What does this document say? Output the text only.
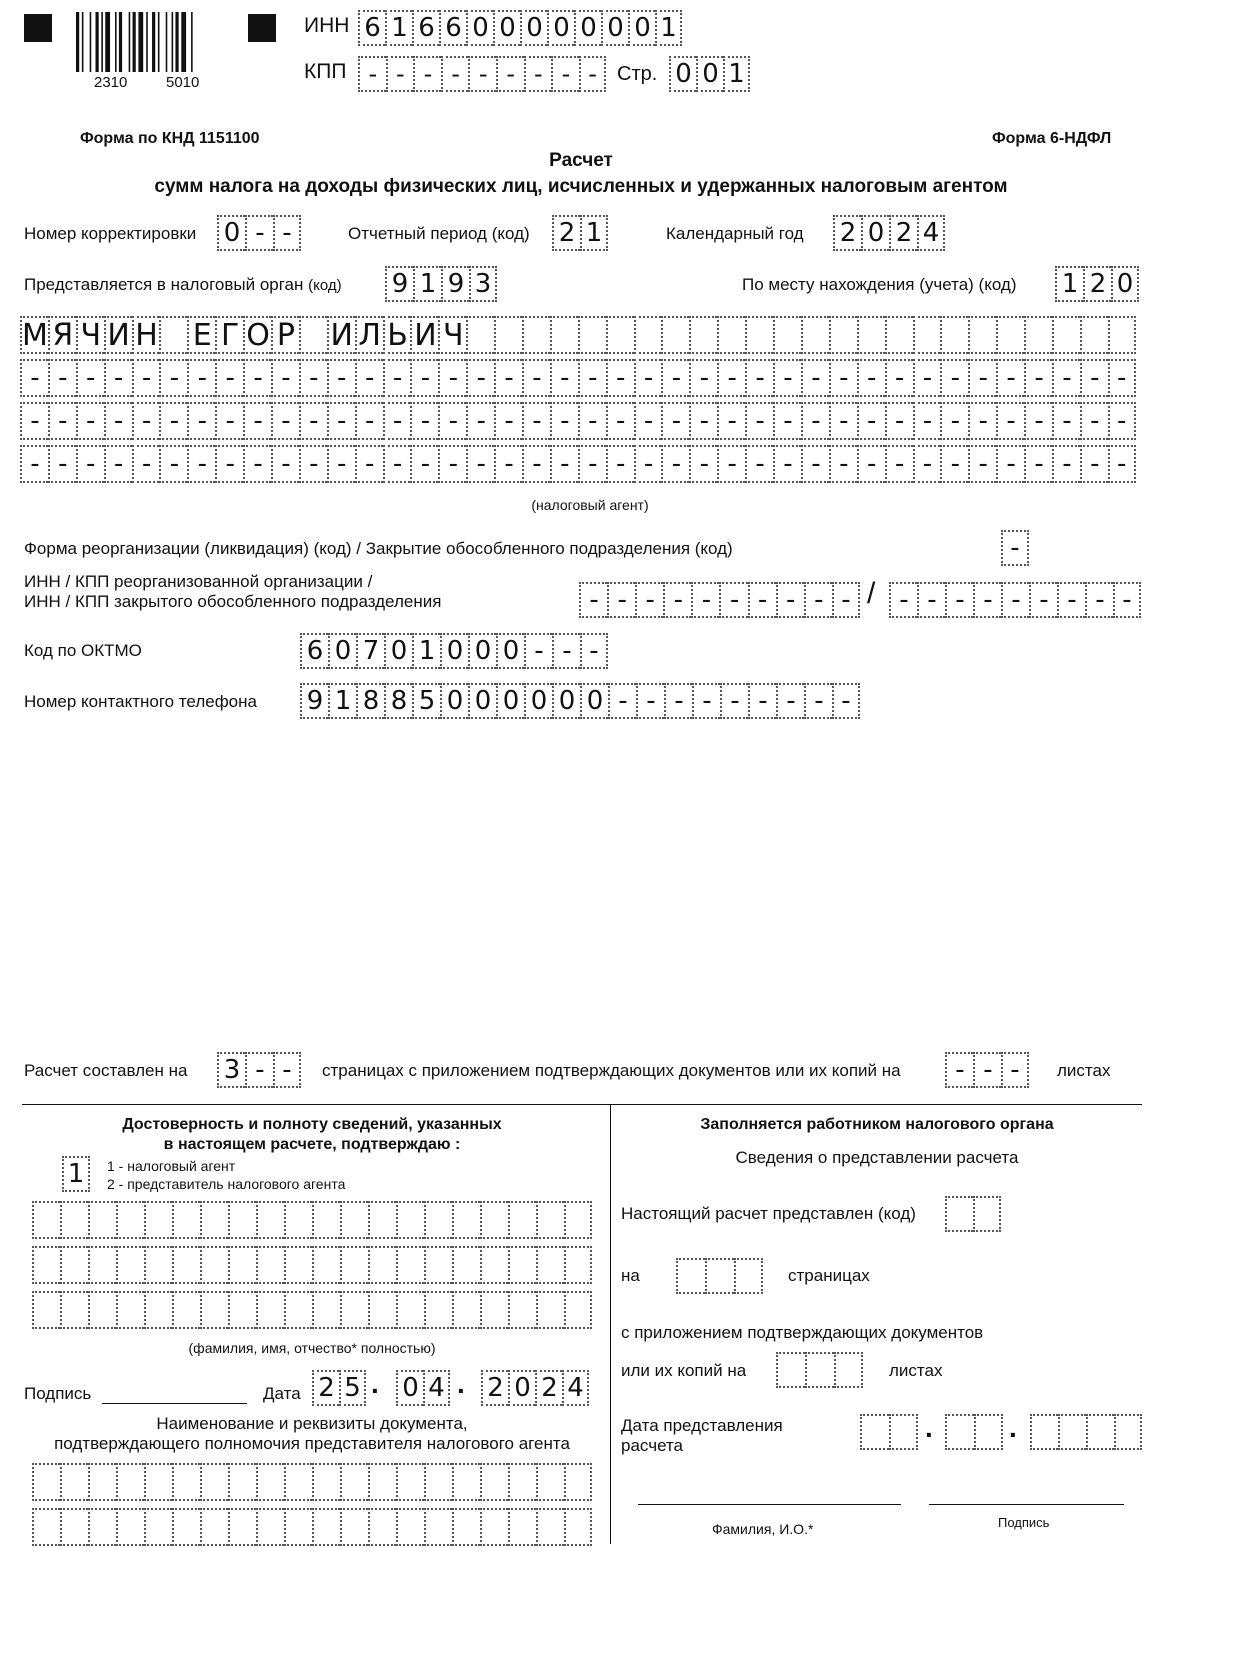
2310	5010
ИНН 6 1 6 6 0 0 0 0 0 0 0 1
КПП - - - - - - - - -	Стр. 0 0 1
Форма по КНД 1151100	Форма 6-НДФЛ
Расчет
сумм налога на доходы физических лиц, исчисленных и удержанных налоговым агентом
Номер корректировки 0 - -	Отчетный период (код) 2 1	Календарный год 2 0 2 4
Представляется в налоговый орган (код) 9 1 9 3	По месту нахождения (учета) (код) 1 2 0
М Я Ч И Н Е Г О Р И Л Ь И Ч
- - - - - - - - - - - - - - - - - - - - - - - - - - - - - - - - - - - - - - - -
- - - - - - - - - - - - - - - - - - - - - - - - - - - - - - - - - - - - - - - -
- - - - - - - - - - - - - - - - - - - - - - - - - - - - - - - - - - - - - - - -
(налоговый агент)
Форма реорганизации (ликвидация) (код) / Закрытие обособленного подразделения (код)	-
ИНН / КПП реорганизованной организации /
ИНН / КПП закрытого обособленного подразделения	- - - - - - - - - - / - - - - - - - - -
Код по ОКТМО	6 0 7 0 1 0 0 0 - - -
Номер контактного телефона 9 1 8 8 5 0 0 0 0 0 0 - - - - - - - - -
Расчет составлен на 3 - -	страницах с приложением подтверждающих документов или их копий на	- - -	листах
Достоверность и полноту сведений, указанных
в настоящем расчете, подтверждаю :
1	1 - налоговый агент
2 - представитель налогового агента
(фамилия, имя, отчество* полностью)
Подпись	Дата 2 5 . 0 4 . 2 0 2 4
Наименование и реквизиты документа,
подтверждающего полномочия представителя налогового агента
Заполняется работником налогового органа
Сведения о представлении расчета
Настоящий расчет представлен (код)
на	страницах
с приложением подтверждающих документов
или их копий на	листах
Дата представления
расчета
.	.
Фамилия, И.О.*	Подпись
